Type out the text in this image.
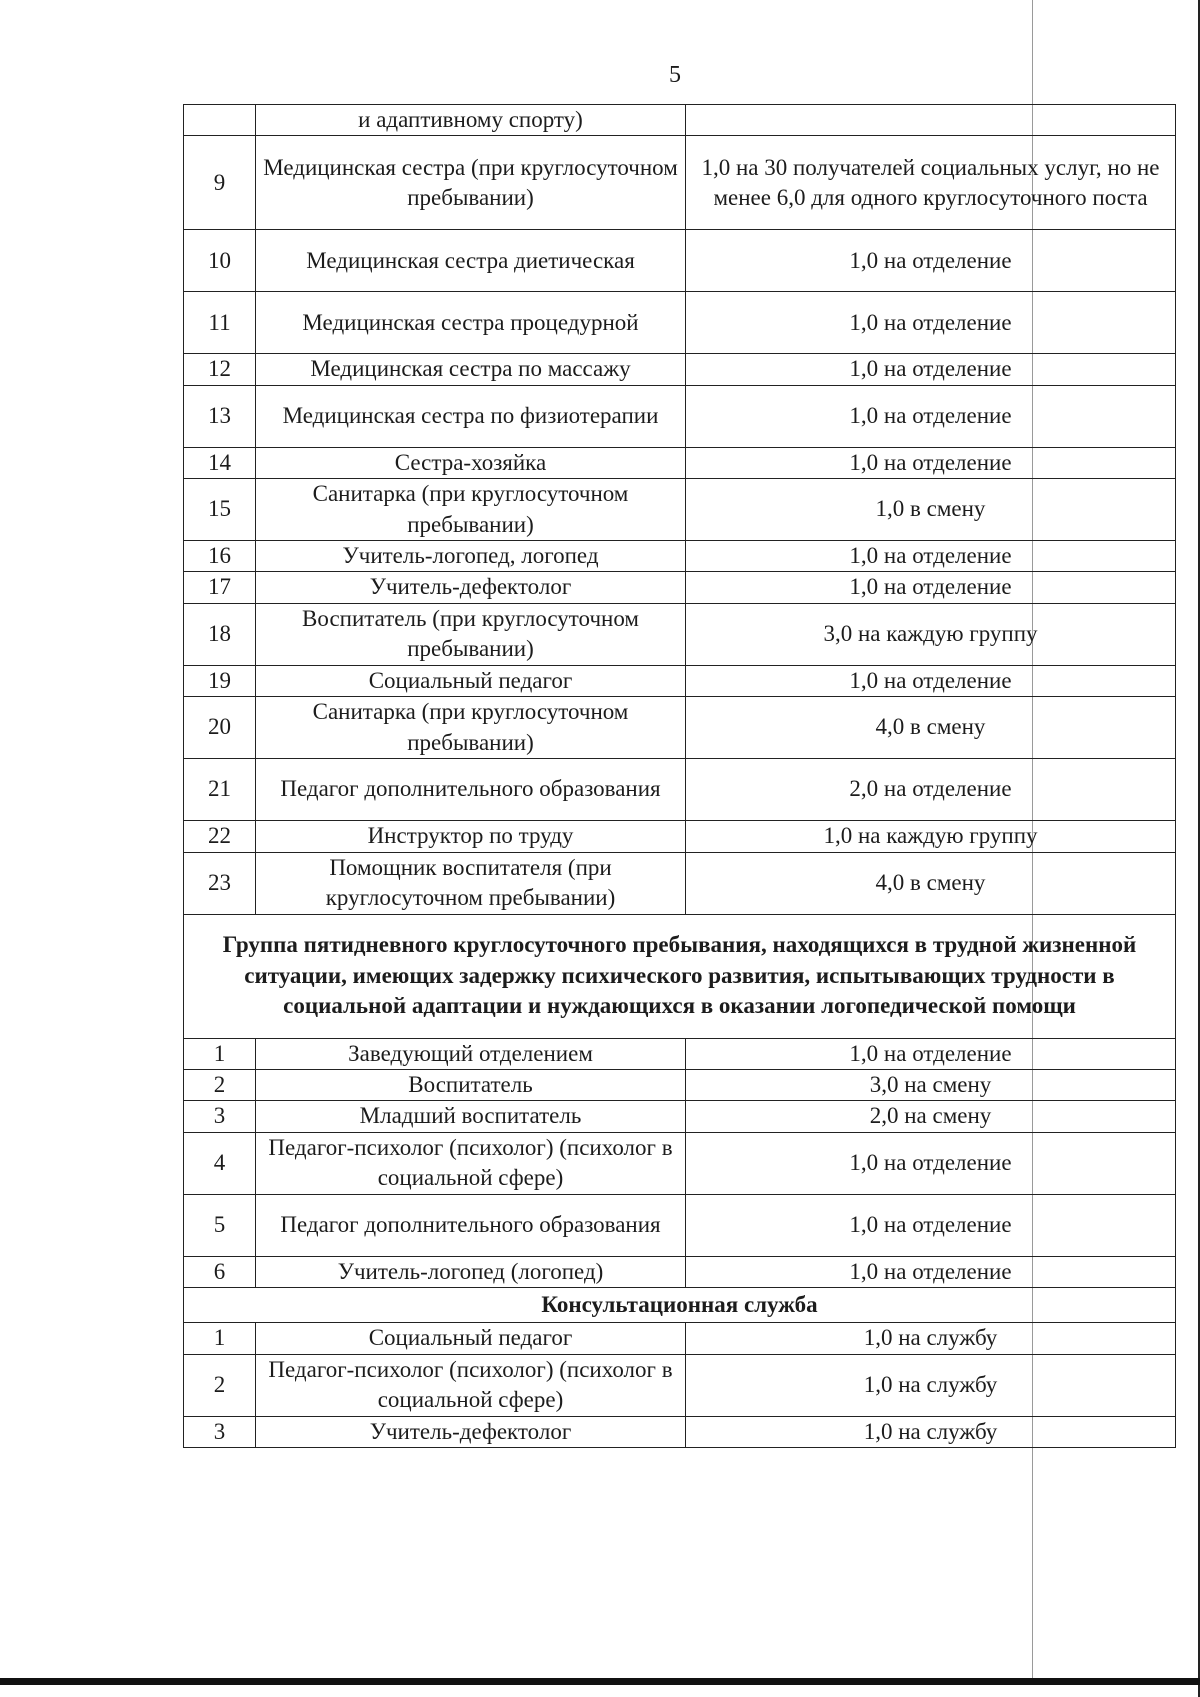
5
	и адаптивному спорту)	
9	Медицинская сестра (при круглосуточном пребывании)	1,0 на 30 получателей социальных услуг, но не менее 6,0 для одного круглосуточного поста
10	Медицинская сестра диетическая	1,0 на отделение
11	Медицинская сестра процедурной	1,0 на отделение
12	Медицинская сестра по массажу	1,0 на отделение
13	Медицинская сестра по физиотерапии	1,0 на отделение
14	Сестра-хозяйка	1,0 на отделение
15	Санитарка (при круглосуточном пребывании)	1,0 в смену
16	Учитель-логопед, логопед	1,0 на отделение
17	Учитель-дефектолог	1,0 на отделение
18	Воспитатель (при круглосуточном пребывании)	3,0 на каждую группу
19	Социальный педагог	1,0 на отделение
20	Санитарка (при круглосуточном пребывании)	4,0 в смену
21	Педагог дополнительного образования	2,0 на отделение
22	Инструктор по труду	1,0 на каждую группу
23	Помощник воспитателя (при круглосуточном пребывании)	4,0 в смену
Группа пятидневного круглосуточного пребывания, находящихся в трудной жизненной ситуации, имеющих задержку психического развития, испытывающих трудности в социальной адаптации и нуждающихся в оказании логопедической помощи		
1	Заведующий отделением	1,0 на отделение
2	Воспитатель	3,0 на смену
3	Младший воспитатель	2,0 на смену
4	Педагог-психолог (психолог) (психолог в социальной сфере)	1,0 на отделение
5	Педагог дополнительного образования	1,0 на отделение
6	Учитель-логопед (логопед)	1,0 на отделение
Консультационная служба		
1	Социальный педагог	1,0 на службу
2	Педагог-психолог (психолог) (психолог в социальной сфере)	1,0 на службу
3	Учитель-дефектолог	1,0 на службу
